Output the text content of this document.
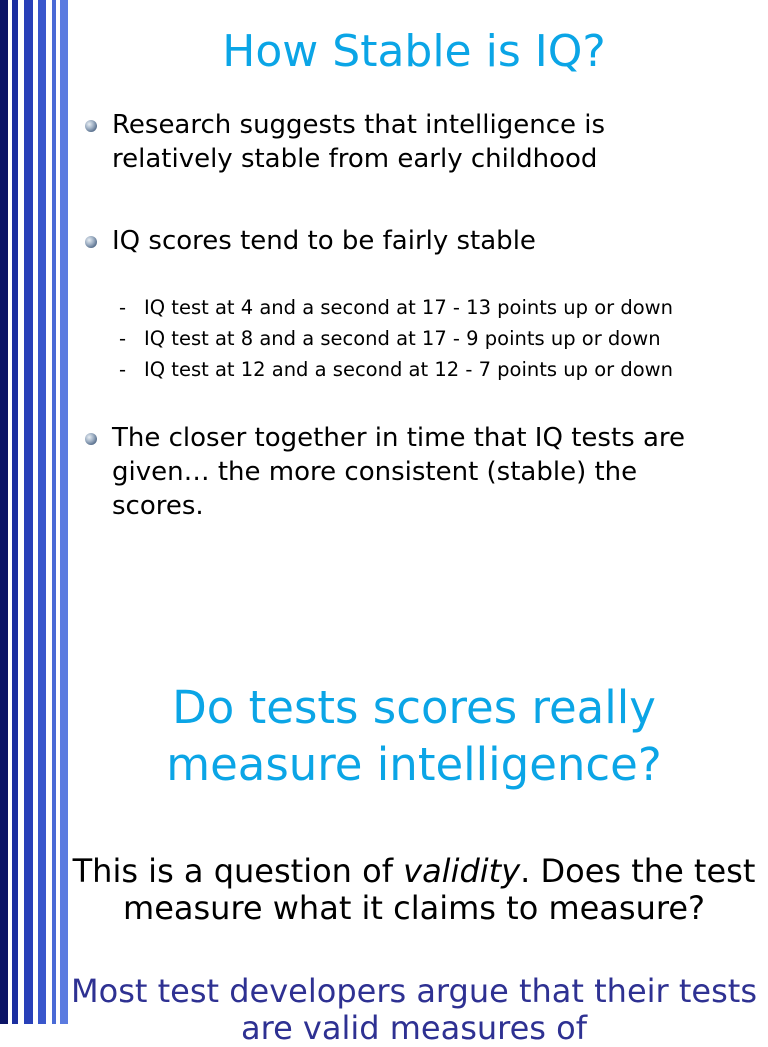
How Stable is IQ?
Research suggests that intelligence is relatively stable from early childhood
IQ scores tend to be fairly stable
- IQ test at 4 and a second at 17 - 13 points up or down
- IQ test at 8 and a second at 17 - 9 points up or down
- IQ test at 12 and a second at 12 - 7 points up or down
The closer together in time that IQ tests are given… the more consistent (stable) the scores.
Do tests scores really measure intelligence?

This is a question of validity. Does the test measure what it claims to measure?

Most test developers argue that their tests are valid measures of
